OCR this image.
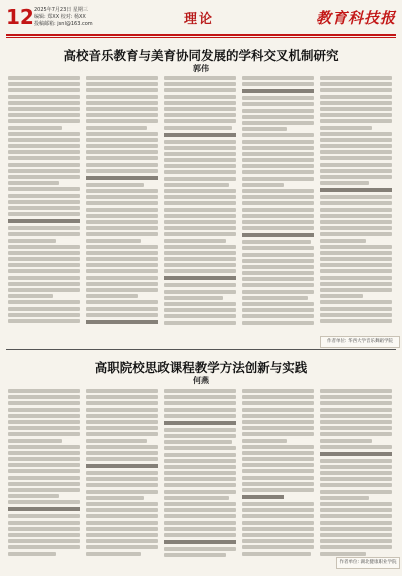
12 2025年7月23日 星期三
编辑: 郑XX 校对: 杨XX
投稿邮箱: jsnl@163.com	理论	教育科技报
高校音乐教育与美育协同发展的学科交叉机制研究
郭伟
作者单位: 华西大学音乐舞蹈学院
高职院校思政课程教学方法创新与实践
何燕
作者单位: 湖北健康职业学院
